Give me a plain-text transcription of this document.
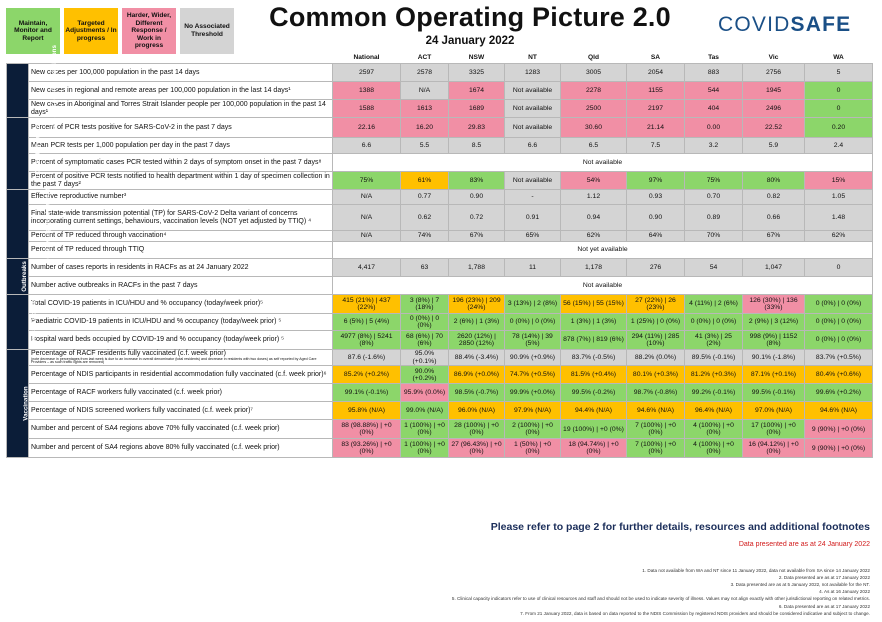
Maintain, Monitor and Report
Targeted Adjustments / In progress
Harder, Wider, Different Response / Work in progress
No Associated Threshold
Common Operating Picture 2.0
24 January 2022
COVIDSAFE
		National	ACT	NSW	NT	Qld	SA	Tas	Vic	WA
Cases and priority populations	New cases per 100,000 population in the past 14 days	2597	2578	3325	1283	3005	2054	883	2756	5
	New cases in regional and remote areas per 100,000 population in the last 14 days¹	1388	N/A	1674	Not available	2278	1155	544	1945	0
	New cases in Aboriginal and Torres Strait Islander people per 100,000 population in the past 14 days¹	1588	1613	1689	Not available	2500	2197	404	2496	0
TTIQ raw indicators	Percent of PCR tests positive for SARS-CoV-2 in the past 7 days	22.16	16.20	29.83	Not available	30.60	21.14	0.00	22.52	0.20
	Mean PCR tests per 1,000 population per day in the past 7 days	6.6	5.5	8.5	6.6	6.5	7.5	3.2	5.9	2.4
	Percent of symptomatic cases PCR tested within 2 days of symptom onset in the past 7 days⁸	Not available								
	Percent of positive PCR tests notified to health department within 1 day of specimen collection in the past 7 days²	75%	61%	83%	Not available	54%	97%	75%	80%	15%
Modelled epidemic activity	Effective reproductive number³	N/A	0.77	0.90	-	1.12	0.93	0.70	0.82	1.05
	Final state-wide transmission potential (TP) for SARS-CoV-2 Delta variant of concerns incorporating current settings, behaviours, vaccination levels (NOT yet adjusted by TTIQ) ⁴	N/A	0.62	0.72	0.91	0.94	0.90	0.89	0.66	1.48
	Percent of TP reduced through vaccination⁴	N/A	74%	67%	65%	62%	64%	70%	67%	62%
	Percent of TP reduced through TTIQ	Not yet available								
Outbreaks	Number of cases reports in residents in RACFs as at 24 January 2022	4,417	63	1,788	11	1,178	276	54	1,047	0
	Number active outbreaks in RACFs in the past 7 days	Not available								
Clinical Capacity	Total COVID-19 patients in ICU/HDU and % occupancy (today/week prior)⁵	415 (21%) | 437 (22%)	3 (8%) | 7 (18%)	196 (23%) | 209 (24%)	3 (13%) | 2 (8%)	56 (15%) | 55 (15%)	27 (22%) | 26 (23%)	4 (11%) | 2 (6%)	126 (30%) | 136 (33%)	0 (0%) | 0 (0%)
	Paediatric COVID-19 patients in ICU/HDU and % occupancy (today/week prior) ⁵	6 (5%) | 5 (4%)	0 (0%) | 0 (0%)	2 (6%) | 1 (3%)	0 (0%) | 0 (0%)	1 (3%) | 1 (3%)	1 (25%) | 0 (0%)	0 (0%) | 0 (0%)	2 (9%) | 3 (12%)	0 (0%) | 0 (0%)
	Hospital ward beds occupied by COVID-19 and % occupancy (today/week prior) ⁵	4977 (8%) | 5241 (8%)	68 (6%) | 70 (6%)	2620 (12%) | 2850 (12%)	78 (14%) | 39 (5%)	878 (7%) | 819 (6%)	294 (11%) | 285 (10%)	41 (3%) | 25 (2%)	998 (9%) | 1152 (8%)	0 (0%) | 0 (0%)
Vaccination	Percentage of RACF residents fully vaccinated (c.f. week prior)
(note decrease in percentages from last week is due to an increase in overall denominator (total residents) and decrease in residents with two doses) as self reported by Aged Care Providers – as such traffic lights are removed)	87.6 (-1.6%)	95.0% (+0.1%)	88.4% (-3.4%)	90.9% (+0.9%)	83.7% (-0.5%)	88.2% (0.0%)	89.5% (-0.1%)	90.1% (-1.8%)	83.7% (+0.5%)
	Percentage of NDIS participants in residential accommodation fully vaccinated (c.f. week prior)⁶	85.2% (+0.2%)	90.0% (+0.2%)	86.9% (+0.0%)	74.7% (+0.5%)	81.5% (+0.4%)	80.1% (+0.3%)	81.2% (+0.3%)	87.1% (+0.1%)	80.4% (+0.6%)
	Percentage of RACF workers fully vaccinated (c.f. week prior)	99.1% (-0.1%)	95.9% (0.0%)	98.5% (-0.7%)	99.9% (+0.0%)	99.5% (-0.2%)	98.7% (-0.8%)	99.2% (-0.1%)	99.5% (-0.1%)	99.6% (+0.2%)
	Percentage of NDIS screened workers fully vaccinated (c.f. week prior)⁷	95.8% (N/A)	99.0% (N/A)	96.0% (N/A)	97.9% (N/A)	94.4% (N/A)	94.6% (N/A)	96.4% (N/A)	97.0% (N/A)	94.6% (N/A)
	Number and percent of SA4 regions above 70% fully vaccinated (c.f. week prior)	88 (98.88%) | +0 (0%)	1 (100%) | +0 (0%)	28 (100%) | +0 (0%)	2 (100%) | +0 (0%)	19 (100%) | +0 (0%)	7 (100%) | +0 (0%)	4 (100%) | +0 (0%)	17 (100%) | +0 (0%)	9 (90%) | +0 (0%)
	Number and percent of SA4 regions above 80% fully vaccinated (c.f. week prior)	83 (93.26%) | +0 (0%)	1 (100%) | +0 (0%)	27 (96.43%) | +0 (0%)	1 (50%) | +0 (0%)	18 (94.74%) | +0 (0%)	7 (100%) | +0 (0%)	4 (100%) | +0 (0%)	16 (94.12%) | +0 (0%)	9 (90%) | +0 (0%)
Please refer to page 2 for further details, resources and additional footnotes
Data presented are as at 24 January 2022
1. Data not available from WA and NT since 11 January 2022, data not available from SA since 14 January 2022
2. Data presented are as at 17 January 2022
3. Data presented are as at 5 January 2022, not available for the NT.
4. As at 16 January 2022
5. Clinical capacity indicators refer to use of clinical resources and staff and should not be used to indicate severity of illness. Values may not align exactly with other jurisdictional reporting on related metrics.
6. Data presented are as at 17 January 2022
7. From 21 January 2022, data is based on data reported to the NDIS Commission by registered NDIS providers and should be considered indicative and subject to change.
